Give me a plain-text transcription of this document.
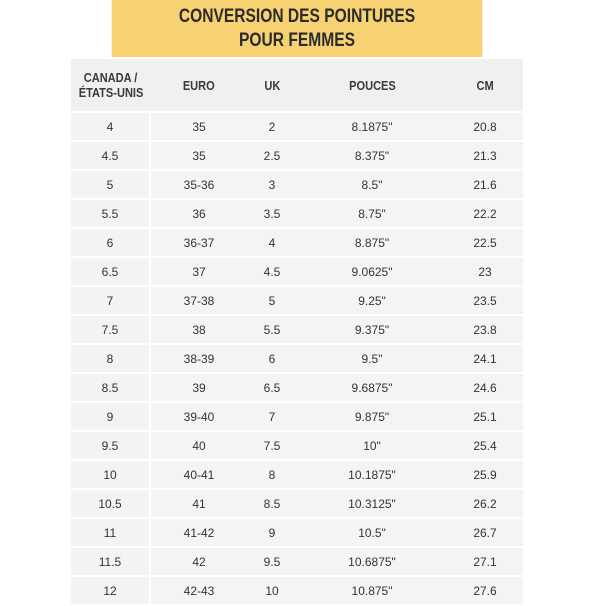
CONVERSION DES POINTURES
POUR FEMMES
CANADA /
ÉTATS-UNIS	EURO	UK	POUCES	CM
4	35	2	8.1875"	20.8
4.5	35	2.5	8.375"	21.3
5	35-36	3	8.5"	21.6
5.5	36	3.5	8.75"	22.2
6	36-37	4	8.875"	22.5
6.5	37	4.5	9.0625"	23
7	37-38	5	9.25"	23.5
7.5	38	5.5	9.375"	23.8
8	38-39	6	9.5"	24.1
8.5	39	6.5	9.6875"	24.6
9	39-40	7	9.875"	25.1
9.5	40	7.5	10"	25.4
10	40-41	8	10.1875"	25.9
10.5	41	8.5	10.3125"	26.2
11	41-42	9	10.5"	26.7
11.5	42	9.5	10.6875"	27.1
12	42-43	10	10.875"	27.6
